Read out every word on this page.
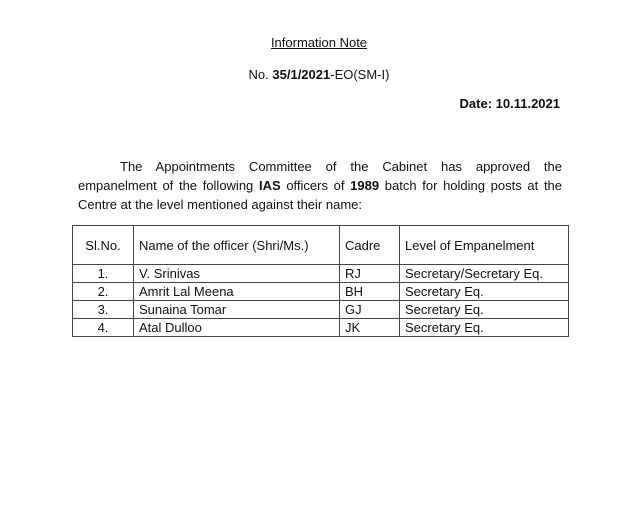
Information Note
No. 35/1/2021-EO(SM-I)
Date: 10.11.2021
The Appointments Committee of the Cabinet has approved the empanelment of the following IAS officers of 1989 batch for holding posts at the Centre at the level mentioned against their name:
Sl.No.	Name of the officer (Shri/Ms.)	Cadre	Level of Empanelment
1.	V. Srinivas	RJ	Secretary/Secretary Eq.
2.	Amrit Lal Meena	BH	Secretary Eq.
3.	Sunaina Tomar	GJ	Secretary Eq.
4.	Atal Dulloo	JK	Secretary Eq.
